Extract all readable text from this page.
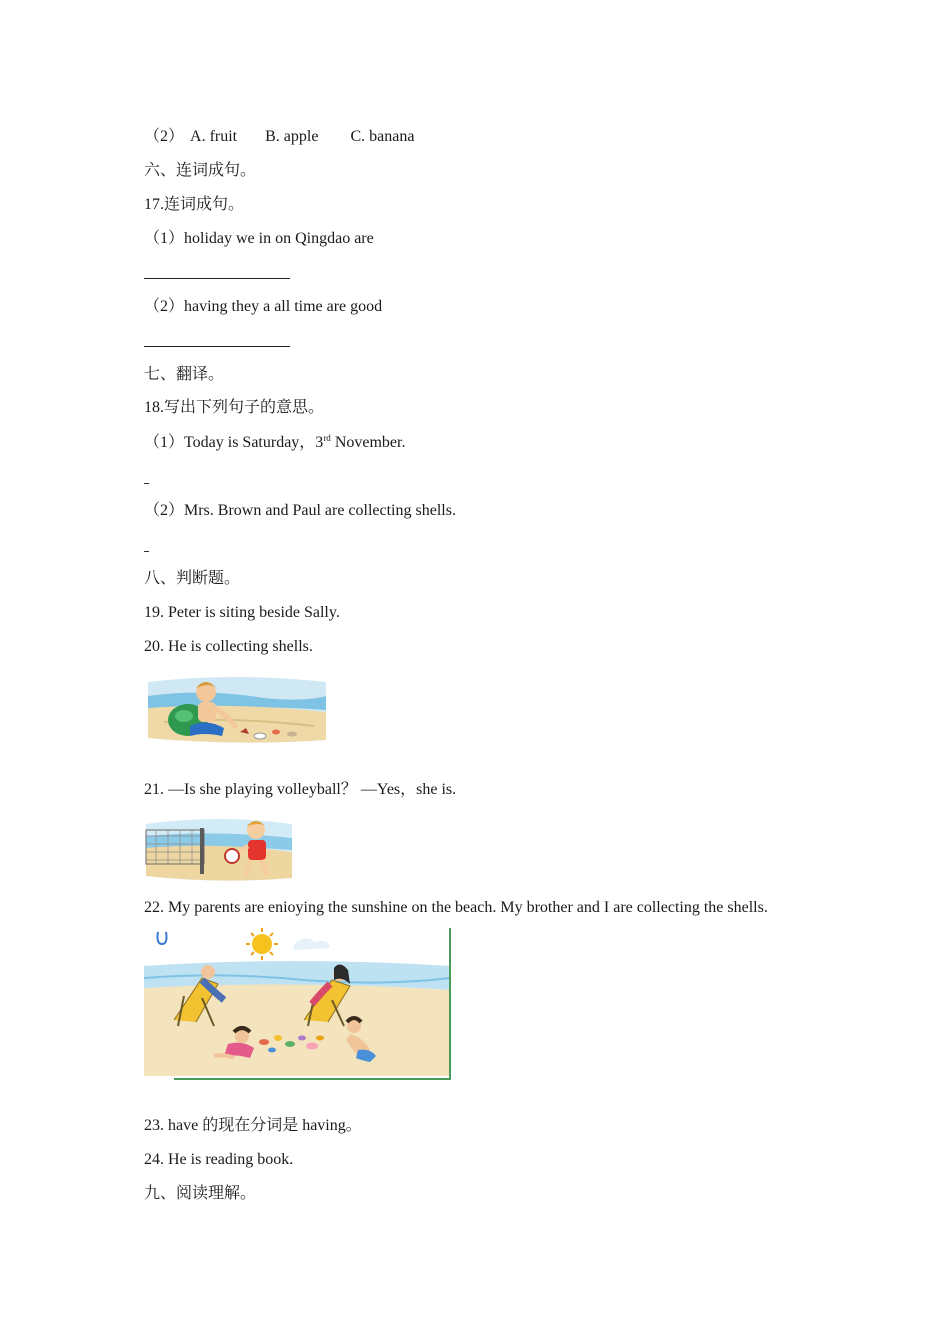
（2） A. fruit B. apple C. banana
六、连词成句。
17.连词成句。
（1）holiday we in on Qingdao are
（2）having they a all time are good
七、翻译。
18.写出下列句子的意思。
（1）Today is Saturday，3rd November.
（2）Mrs. Brown and Paul are collecting shells.
八、判断题。
19. Peter is siting beside Sally.
20. He is collecting shells.
21. —Is she playing volleyball？ —Yes，she is.
22. My parents are enioying the sunshine on the beach. My brother and I are collecting the shells.
23. have 的现在分词是 having。
24. He is reading book.
九、阅读理解。
